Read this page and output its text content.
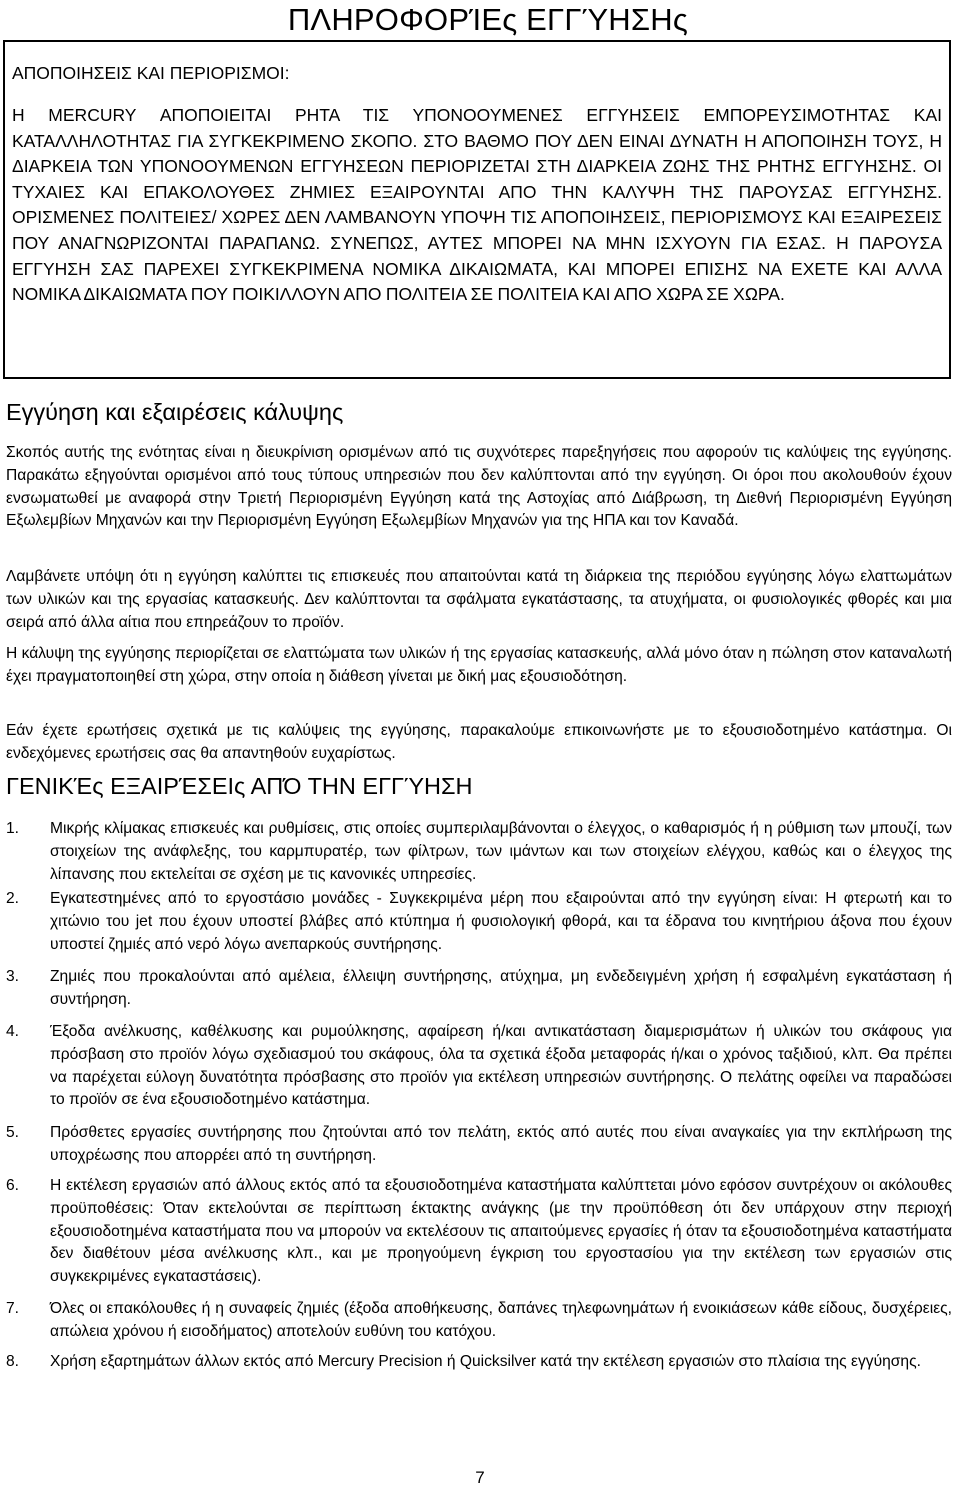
ΠΛΗΡΟΦΟΡΊΕς ΕΓΓΎΗΣΗς
ΑΠΟΠΟΙΗΣΕΙΣ ΚΑΙ ΠΕΡΙΟΡΙΣΜΟΙ:
Η MERCURY ΑΠΟΠΟΙΕΙΤΑΙ ΡΗΤΑ ΤΙΣ ΥΠΟΝΟΟΥΜΕΝΕΣ ΕΓΓΥΗΣΕΙΣ ΕΜΠΟΡΕΥΣΙΜΟΤΗΤΑΣ ΚΑΙ ΚΑΤΑΛΛΗΛΟΤΗΤΑΣ ΓΙΑ ΣΥΓΚΕΚΡΙΜΕΝΟ ΣΚΟΠΟ. ΣΤΟ ΒΑΘΜΟ ΠΟΥ ΔΕΝ ΕΙΝΑΙ ΔΥΝΑΤΗ Η ΑΠΟΠΟΙΗΣΗ ΤΟΥΣ, Η ΔΙΑΡΚΕΙΑ ΤΩΝ ΥΠΟΝΟΟΥΜΕΝΩΝ ΕΓΓΥΗΣΕΩΝ ΠΕΡΙΟΡΙΖΕΤΑΙ ΣΤΗ ΔΙΑΡΚΕΙΑ ΖΩΗΣ ΤΗΣ ΡΗΤΗΣ ΕΓΓΥΗΣΗΣ. ΟΙ ΤΥΧΑΙΕΣ ΚΑΙ ΕΠΑΚΟΛΟΥΘΕΣ ΖΗΜΙΕΣ ΕΞΑΙΡΟΥΝΤΑΙ ΑΠΟ ΤΗΝ ΚΑΛΥΨΗ ΤΗΣ ΠΑΡΟΥΣΑΣ ΕΓΓΥΗΣΗΣ. ΟΡΙΣΜΕΝΕΣ ΠΟΛΙΤΕΙΕΣ/ ΧΩΡΕΣ ΔΕΝ ΛΑΜΒΑΝΟΥΝ ΥΠΟΨΗ ΤΙΣ ΑΠΟΠΟΙΗΣΕΙΣ, ΠΕΡΙΟΡΙΣΜΟΥΣ ΚΑΙ ΕΞΑΙΡΕΣΕΙΣ ΠΟΥ ΑΝΑΓΝΩΡΙΖΟΝΤΑΙ ΠΑΡΑΠΑΝΩ. ΣΥΝΕΠΩΣ, ΑΥΤΕΣ ΜΠΟΡΕΙ ΝΑ ΜΗΝ ΙΣΧΥΟΥΝ ΓΙΑ ΕΣΑΣ. Η ΠΑΡΟΥΣΑ ΕΓΓΥΗΣΗ ΣΑΣ ΠΑΡΕΧΕΙ ΣΥΓΚΕΚΡΙΜΕΝΑ ΝΟΜΙΚΑ ΔΙΚΑΙΩΜΑΤΑ, ΚΑΙ ΜΠΟΡΕΙ ΕΠΙΣΗΣ ΝΑ ΕΧΕΤΕ ΚΑΙ ΑΛΛΑ ΝΟΜΙΚΑ ΔΙΚΑΙΩΜΑΤΑ ΠΟΥ ΠΟΙΚΙΛΛΟΥΝ ΑΠΟ ΠΟΛΙΤΕΙΑ ΣΕ ΠΟΛΙΤΕΙΑ ΚΑΙ ΑΠΟ ΧΩΡΑ ΣΕ ΧΩΡΑ.
Εγγύηση και εξαιρέσεις κάλυψης

Σκοπός αυτής της ενότητας είναι η διευκρίνιση ορισμένων από τις συχνότερες παρεξηγήσεις που αφορούν τις καλύψεις της εγγύησης. Παρακάτω εξηγούνται ορισμένοι από τους τύπους υπηρεσιών που δεν καλύπτονται από την εγγύηση. Οι όροι που ακολουθούν έχουν ενσωματωθεί με αναφορά στην Τριετή Περιορισμένη Εγγύηση κατά της Αστοχίας από Διάβρωση, τη Διεθνή Περιορισμένη Εγγύηση Εξωλεμβίων Μηχανών και την Περιορισμένη Εγγύηση Εξωλεμβίων Μηχανών για της ΗΠΑ και τον Καναδά.

Λαμβάνετε υπόψη ότι η εγγύηση καλύπτει τις επισκευές που απαιτούνται κατά τη διάρκεια της περιόδου εγγύησης λόγω ελαττωμάτων των υλικών και της εργασίας κατασκευής. Δεν καλύπτονται τα σφάλματα εγκατάστασης, τα ατυχήματα, οι φυσιολογικές φθορές και μια σειρά από άλλα αίτια που επηρεάζουν το προϊόν.

Η κάλυψη της εγγύησης περιορίζεται σε ελαττώματα των υλικών ή της εργασίας κατασκευής, αλλά μόνο όταν η πώληση στον καταναλωτή έχει πραγματοποιηθεί στη χώρα, στην οποία η διάθεση γίνεται με δική μας εξουσιοδότηση.

Εάν έχετε ερωτήσεις σχετικά με τις καλύψεις της εγγύησης, παρακαλούμε επικοινωνήστε με το εξουσιοδοτημένο κατάστημα. Οι ενδεχόμενες ερωτήσεις σας θα απαντηθούν ευχαρίστως.

ΓΕΝΙΚΈς ΕΞΑΙΡΈΣΕΙς ΑΠΌ ΤΗΝ ΕΓΓΎΗΣΗ
1. Μικρής κλίμακας επισκευές και ρυθμίσεις, στις οποίες συμπεριλαμβάνονται ο έλεγχος, ο καθαρισμός ή η ρύθμιση των μπουζί, των στοιχείων της ανάφλεξης, του καρμπυρατέρ, των φίλτρων, των ιμάντων και των στοιχείων ελέγχου, καθώς και ο έλεγχος της λίπανσης που εκτελείται σε σχέση με τις κανονικές υπηρεσίες.
2. Εγκατεστημένες από το εργοστάσιο μονάδες - Συγκεκριμένα μέρη που εξαιρούνται από την εγγύηση είναι: Η φτερωτή και το χιτώνιο του jet που έχουν υποστεί βλάβες από κτύπημα ή φυσιολογική φθορά, και τα έδρανα του κινητήριου άξονα που έχουν υποστεί ζημιές από νερό λόγω ανεπαρκούς συντήρησης.
3. Ζημιές που προκαλούνται από αμέλεια, έλλειψη συντήρησης, ατύχημα, μη ενδεδειγμένη χρήση ή εσφαλμένη εγκατάσταση ή συντήρηση.
4. Έξοδα ανέλκυσης, καθέλκυσης και ρυμούλκησης, αφαίρεση ή/και αντικατάσταση διαμερισμάτων ή υλικών του σκάφους για πρόσβαση στο προϊόν λόγω σχεδιασμού του σκάφους, όλα τα σχετικά έξοδα μεταφοράς ή/και ο χρόνος ταξιδιού, κλπ. Θα πρέπει να παρέχεται εύλογη δυνατότητα πρόσβασης στο προϊόν για εκτέλεση υπηρεσιών συντήρησης. Ο πελάτης οφείλει να παραδώσει το προϊόν σε ένα εξουσιοδοτημένο κατάστημα.
5. Πρόσθετες εργασίες συντήρησης που ζητούνται από τον πελάτη, εκτός από αυτές που είναι αναγκαίες για την εκπλήρωση της υποχρέωσης που απορρέει από τη συντήρηση.
6. Η εκτέλεση εργασιών από άλλους εκτός από τα εξουσιοδοτημένα καταστήματα καλύπτεται μόνο εφόσον συντρέχουν οι ακόλουθες προϋποθέσεις: Όταν εκτελούνται σε περίπτωση έκτακτης ανάγκης (με την προϋπόθεση ότι δεν υπάρχουν στην περιοχή εξουσιοδοτημένα καταστήματα που να μπορούν να εκτελέσουν τις απαιτούμενες εργασίες ή όταν τα εξουσιοδοτημένα καταστήματα δεν διαθέτουν μέσα ανέλκυσης κλπ., και με προηγούμενη έγκριση του εργοστασίου για την εκτέλεση των εργασιών στις συγκεκριμένες εγκαταστάσεις).
7. Όλες οι επακόλουθες ή η συναφείς ζημιές (έξοδα αποθήκευσης, δαπάνες τηλεφωνημάτων ή ενοικιάσεων κάθε είδους, δυσχέρειες, απώλεια χρόνου ή εισοδήματος) αποτελούν ευθύνη του κατόχου.
8. Χρήση εξαρτημάτων άλλων εκτός από Mercury Precision ή Quicksilver κατά την εκτέλεση εργασιών στο πλαίσια της εγγύησης.
7
